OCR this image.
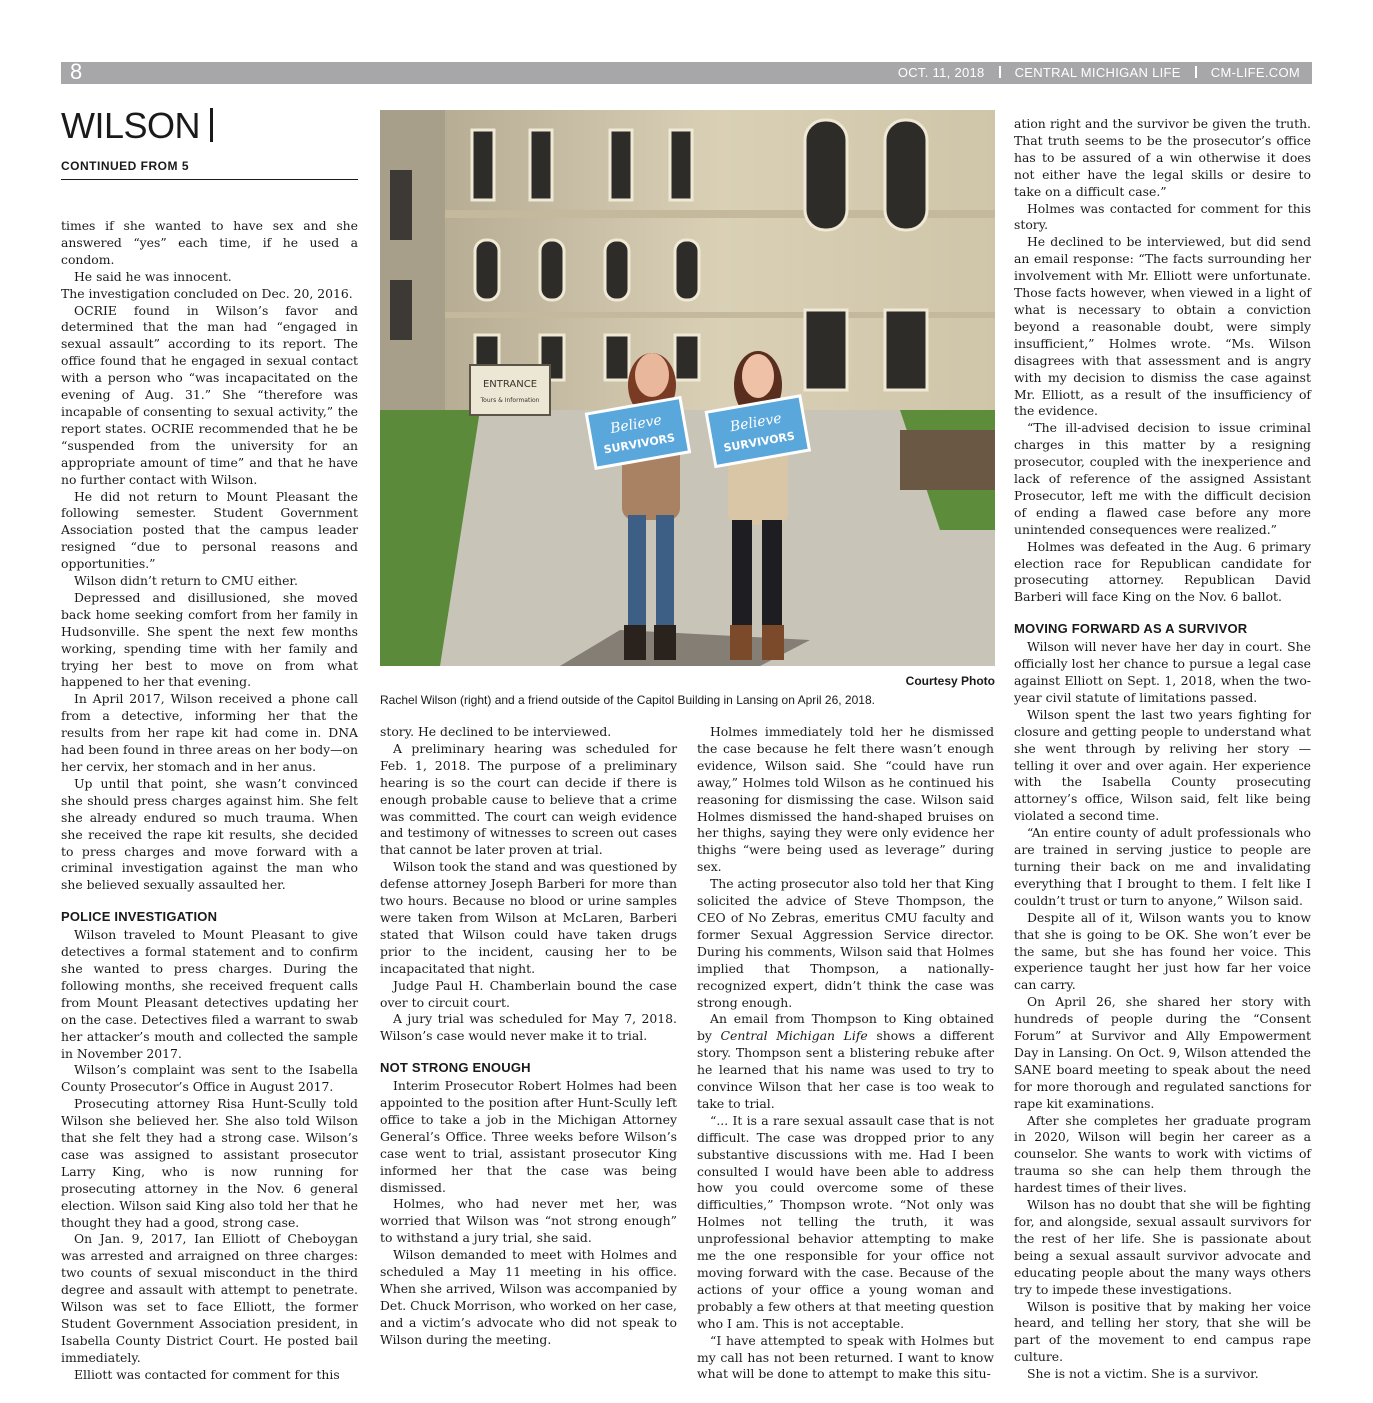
8	OCT. 11, 2018 CENTRAL MICHIGAN LIFE CM-LIFE.COM
WILSON
CONTINUED FROM 5

times if she wanted to have sex and she answered “yes” each time, if he used a condom.

He said he was innocent.

The investigation concluded on Dec. 20, 2016.

OCRIE found in Wilson’s favor and determined that the man had “engaged in sexual assault” according to its report. The office found that he engaged in sexual contact with a person who “was incapacitated on the evening of Aug. 31.” She “therefore was incapable of consenting to sexual activity,” the report states. OCRIE recommended that he be “suspended from the university for an appropriate amount of time” and that he have no further contact with Wilson.

He did not return to Mount Pleasant the following semester. Student Government Association posted that the campus leader resigned “due to personal reasons and opportunities.”

Wilson didn’t return to CMU either.

Depressed and disillusioned, she moved back home seeking comfort from her family in Hudsonville. She spent the next few months working, spending time with her family and trying her best to move on from what happened to her that evening.

In April 2017, Wilson received a phone call from a detective, informing her that the results from her rape kit had come in. DNA had been found in three areas on her body—on her cervix, her stomach and in her anus.

Up until that point, she wasn’t convinced she should press charges against him. She felt she already endured so much trauma. When she received the rape kit results, she decided to press charges and move forward with a criminal investigation against the man who she believed sexually assaulted her.

POLICE INVESTIGATION

Wilson traveled to Mount Pleasant to give detectives a formal statement and to confirm she wanted to press charges. During the following months, she received frequent calls from Mount Pleasant detectives updating her on the case. Detectives filed a warrant to swab her attacker’s mouth and collected the sample in November 2017.

Wilson’s complaint was sent to the Isabella County Prosecutor’s Office in August 2017.

Prosecuting attorney Risa Hunt-Scully told Wilson she believed her. She also told Wilson that she felt they had a strong case. Wilson’s case was assigned to assistant prosecutor Larry King, who is now running for prosecuting attorney in the Nov. 6 general election. Wilson said King also told her that he thought they had a good, strong case.

On Jan. 9, 2017, Ian Elliott of Cheboygan was arrested and arraigned on three charges: two counts of sexual misconduct in the third degree and assault with attempt to penetrate. Wilson was set to face Elliott, the former Student Government Association president, in Isabella County District Court. He posted bail immediately.

Elliott was contacted for comment for this

ENTRANCE
Tours & Information
Believe
SURVIVORS
Believe
SURVIVORS
Courtesy Photo
Rachel Wilson (right) and a friend outside of the Capitol Building in Lansing on April 26, 2018.

story. He declined to be interviewed.

A preliminary hearing was scheduled for Feb. 1, 2018. The purpose of a preliminary hearing is so the court can decide if there is enough probable cause to believe that a crime was committed. The court can weigh evidence and testimony of witnesses to screen out cases that cannot be later proven at trial.

Wilson took the stand and was questioned by defense attorney Joseph Barberi for more than two hours. Because no blood or urine samples were taken from Wilson at McLaren, Barberi stated that Wilson could have taken drugs prior to the incident, causing her to be incapacitated that night.

Judge Paul H. Chamberlain bound the case over to circuit court.

A jury trial was scheduled for May 7, 2018. Wilson’s case would never make it to trial.

NOT STRONG ENOUGH

Interim Prosecutor Robert Holmes had been appointed to the position after Hunt-Scully left office to take a job in the Michigan Attorney General’s Office. Three weeks before Wilson’s case went to trial, assistant prosecutor King informed her that the case was being dismissed.

Holmes, who had never met her, was worried that Wilson was “not strong enough” to withstand a jury trial, she said.

Wilson demanded to meet with Holmes and scheduled a May 11 meeting in his office. When she arrived, Wilson was accompanied by Det. Chuck Morrison, who worked on her case, and a victim’s advocate who did not speak to Wilson during the meeting.

Holmes immediately told her he dismissed the case because he felt there wasn’t enough evidence, Wilson said. She “could have run away,” Holmes told Wilson as he continued his reasoning for dismissing the case. Wilson said Holmes dismissed the hand-shaped bruises on her thighs, saying they were only evidence her thighs “were being used as leverage” during sex.

The acting prosecutor also told her that King solicited the advice of Steve Thompson, the CEO of No Zebras, emeritus CMU faculty and former Sexual Aggression Service director. During his comments, Wilson said that Holmes implied that Thompson, a nationally-recognized expert, didn’t think the case was strong enough.

An email from Thompson to King obtained by Central Michigan Life shows a different story. Thompson sent a blistering rebuke after he learned that his name was used to try to convince Wilson that her case is too weak to take to trial.

“... It is a rare sexual assault case that is not difficult. The case was dropped prior to any substantive discussions with me. Had I been consulted I would have been able to address how you could overcome some of these difficulties,” Thompson wrote. “Not only was Holmes not telling the truth, it was unprofessional behavior attempting to make me the one responsible for your office not moving forward with the case. Because of the actions of your office a young woman and probably a few others at that meeting question who I am. This is not acceptable.

“I have attempted to speak with Holmes but my call has not been returned. I want to know what will be done to attempt to make this situ-

ation right and the survivor be given the truth. That truth seems to be the prosecutor’s office has to be assured of a win otherwise it does not either have the legal skills or desire to take on a difficult case.”

Holmes was contacted for comment for this story.

He declined to be interviewed, but did send an email response: “The facts surrounding her involvement with Mr. Elliott were unfortunate. Those facts however, when viewed in a light of what is necessary to obtain a conviction beyond a reasonable doubt, were simply insufficient,” Holmes wrote. “Ms. Wilson disagrees with that assessment and is angry with my decision to dismiss the case against Mr. Elliott, as a result of the insufficiency of the evidence.

“The ill-advised decision to issue criminal charges in this matter by a resigning prosecutor, coupled with the inexperience and lack of reference of the assigned Assistant Prosecutor, left me with the difficult decision of ending a flawed case before any more unintended consequences were realized.”

Holmes was defeated in the Aug. 6 primary election race for Republican candidate for prosecuting attorney. Republican David Barberi will face King on the Nov. 6 ballot.

MOVING FORWARD AS A SURVIVOR

Wilson will never have her day in court. She officially lost her chance to pursue a legal case against Elliott on Sept. 1, 2018, when the two-year civil statute of limitations passed.

Wilson spent the last two years fighting for closure and getting people to understand what she went through by reliving her story — telling it over and over again. Her experience with the Isabella County prosecuting attorney’s office, Wilson said, felt like being violated a second time.

“An entire county of adult professionals who are trained in serving justice to people are turning their back on me and invalidating everything that I brought to them. I felt like I couldn’t trust or turn to anyone,” Wilson said.

Despite all of it, Wilson wants you to know that she is going to be OK. She won’t ever be the same, but she has found her voice. This experience taught her just how far her voice can carry.

On April 26, she shared her story with hundreds of people during the “Consent Forum” at Survivor and Ally Empowerment Day in Lansing. On Oct. 9, Wilson attended the SANE board meeting to speak about the need for more thorough and regulated sanctions for rape kit examinations.

After she completes her graduate program in 2020, Wilson will begin her career as a counselor. She wants to work with victims of trauma so she can help them through the hardest times of their lives.

Wilson has no doubt that she will be fighting for, and alongside, sexual assault survivors for the rest of her life. She is passionate about being a sexual assault survivor advocate and educating people about the many ways others try to impede these investigations.

Wilson is positive that by making her voice heard, and telling her story, that she will be part of the movement to end campus rape culture.

She is not a victim. She is a survivor.
